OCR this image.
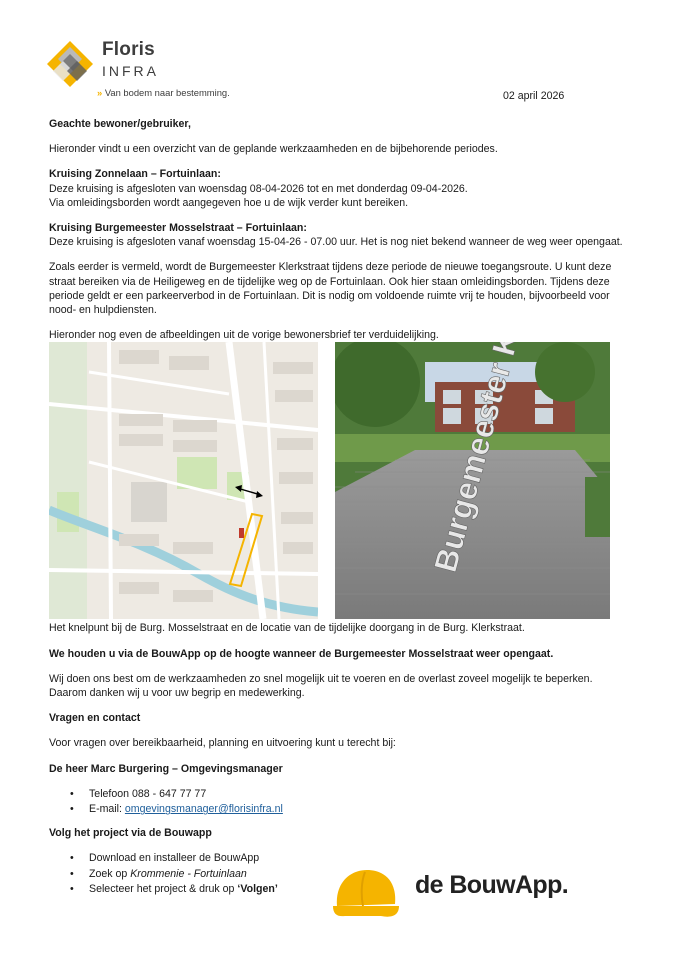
Floris
INFRA
» Van bodem naar bestemming.	02 april 2026

Geachte bewoner/gebruiker,

Hieronder vindt u een overzicht van de geplande werkzaamheden en de bijbehorende periodes.

Kruising Zonnelaan – Fortuinlaan:
Deze kruising is afgesloten van woensdag 08-04-2026 tot en met donderdag 09-04-2026.
Via omleidingsborden wordt aangegeven hoe u de wijk verder kunt bereiken.

Kruising Burgemeester Mosselstraat – Fortuinlaan:
Deze kruising is afgesloten vanaf woensdag 15-04-26 - 07.00 uur. Het is nog niet bekend wanneer de weg weer opengaat.

Zoals eerder is vermeld, wordt de Burgemeester Klerkstraat tijdens deze periode de nieuwe toegangsroute. U kunt deze straat bereiken via de Heiligeweg en de tijdelijke weg op de Fortuinlaan. Ook hier staan omleidingsborden. Tijdens deze periode geldt er een parkeerverbod in de Fortuinlaan. Dit is nodig om voldoende ruimte vrij te houden, bijvoorbeeld voor nood- en hulpdiensten.

Hieronder nog even de afbeeldingen uit de vorige bewonersbrief ter verduidelijking.

Het knelpunt bij de Burg. Mosselstraat en de locatie van de tijdelijke doorgang in de Burg. Klerkstraat.

We houden u via de BouwApp op de hoogte wanneer de Burgemeester Mosselstraat weer opengaat.

Wij doen ons best om de werkzaamheden zo snel mogelijk uit te voeren en de overlast zoveel mogelijk te beperken.
Daarom danken wij u voor uw begrip en medewerking.

Vragen en contact

Voor vragen over bereikbaarheid, planning en uitvoering kunt u terecht bij:

De heer Marc Burgering – Omgevingsmanager

• Telefoon 088 - 647 77 77
• E-mail: omgevingsmanager@florisinfra.nl

Volg het project via de Bouwapp

• Download en installeer de BouwApp
• Zoek op Krommenie - Fortuinlaan
• Selecteer het project & druk op ‘Volgen’	de BouwApp.
